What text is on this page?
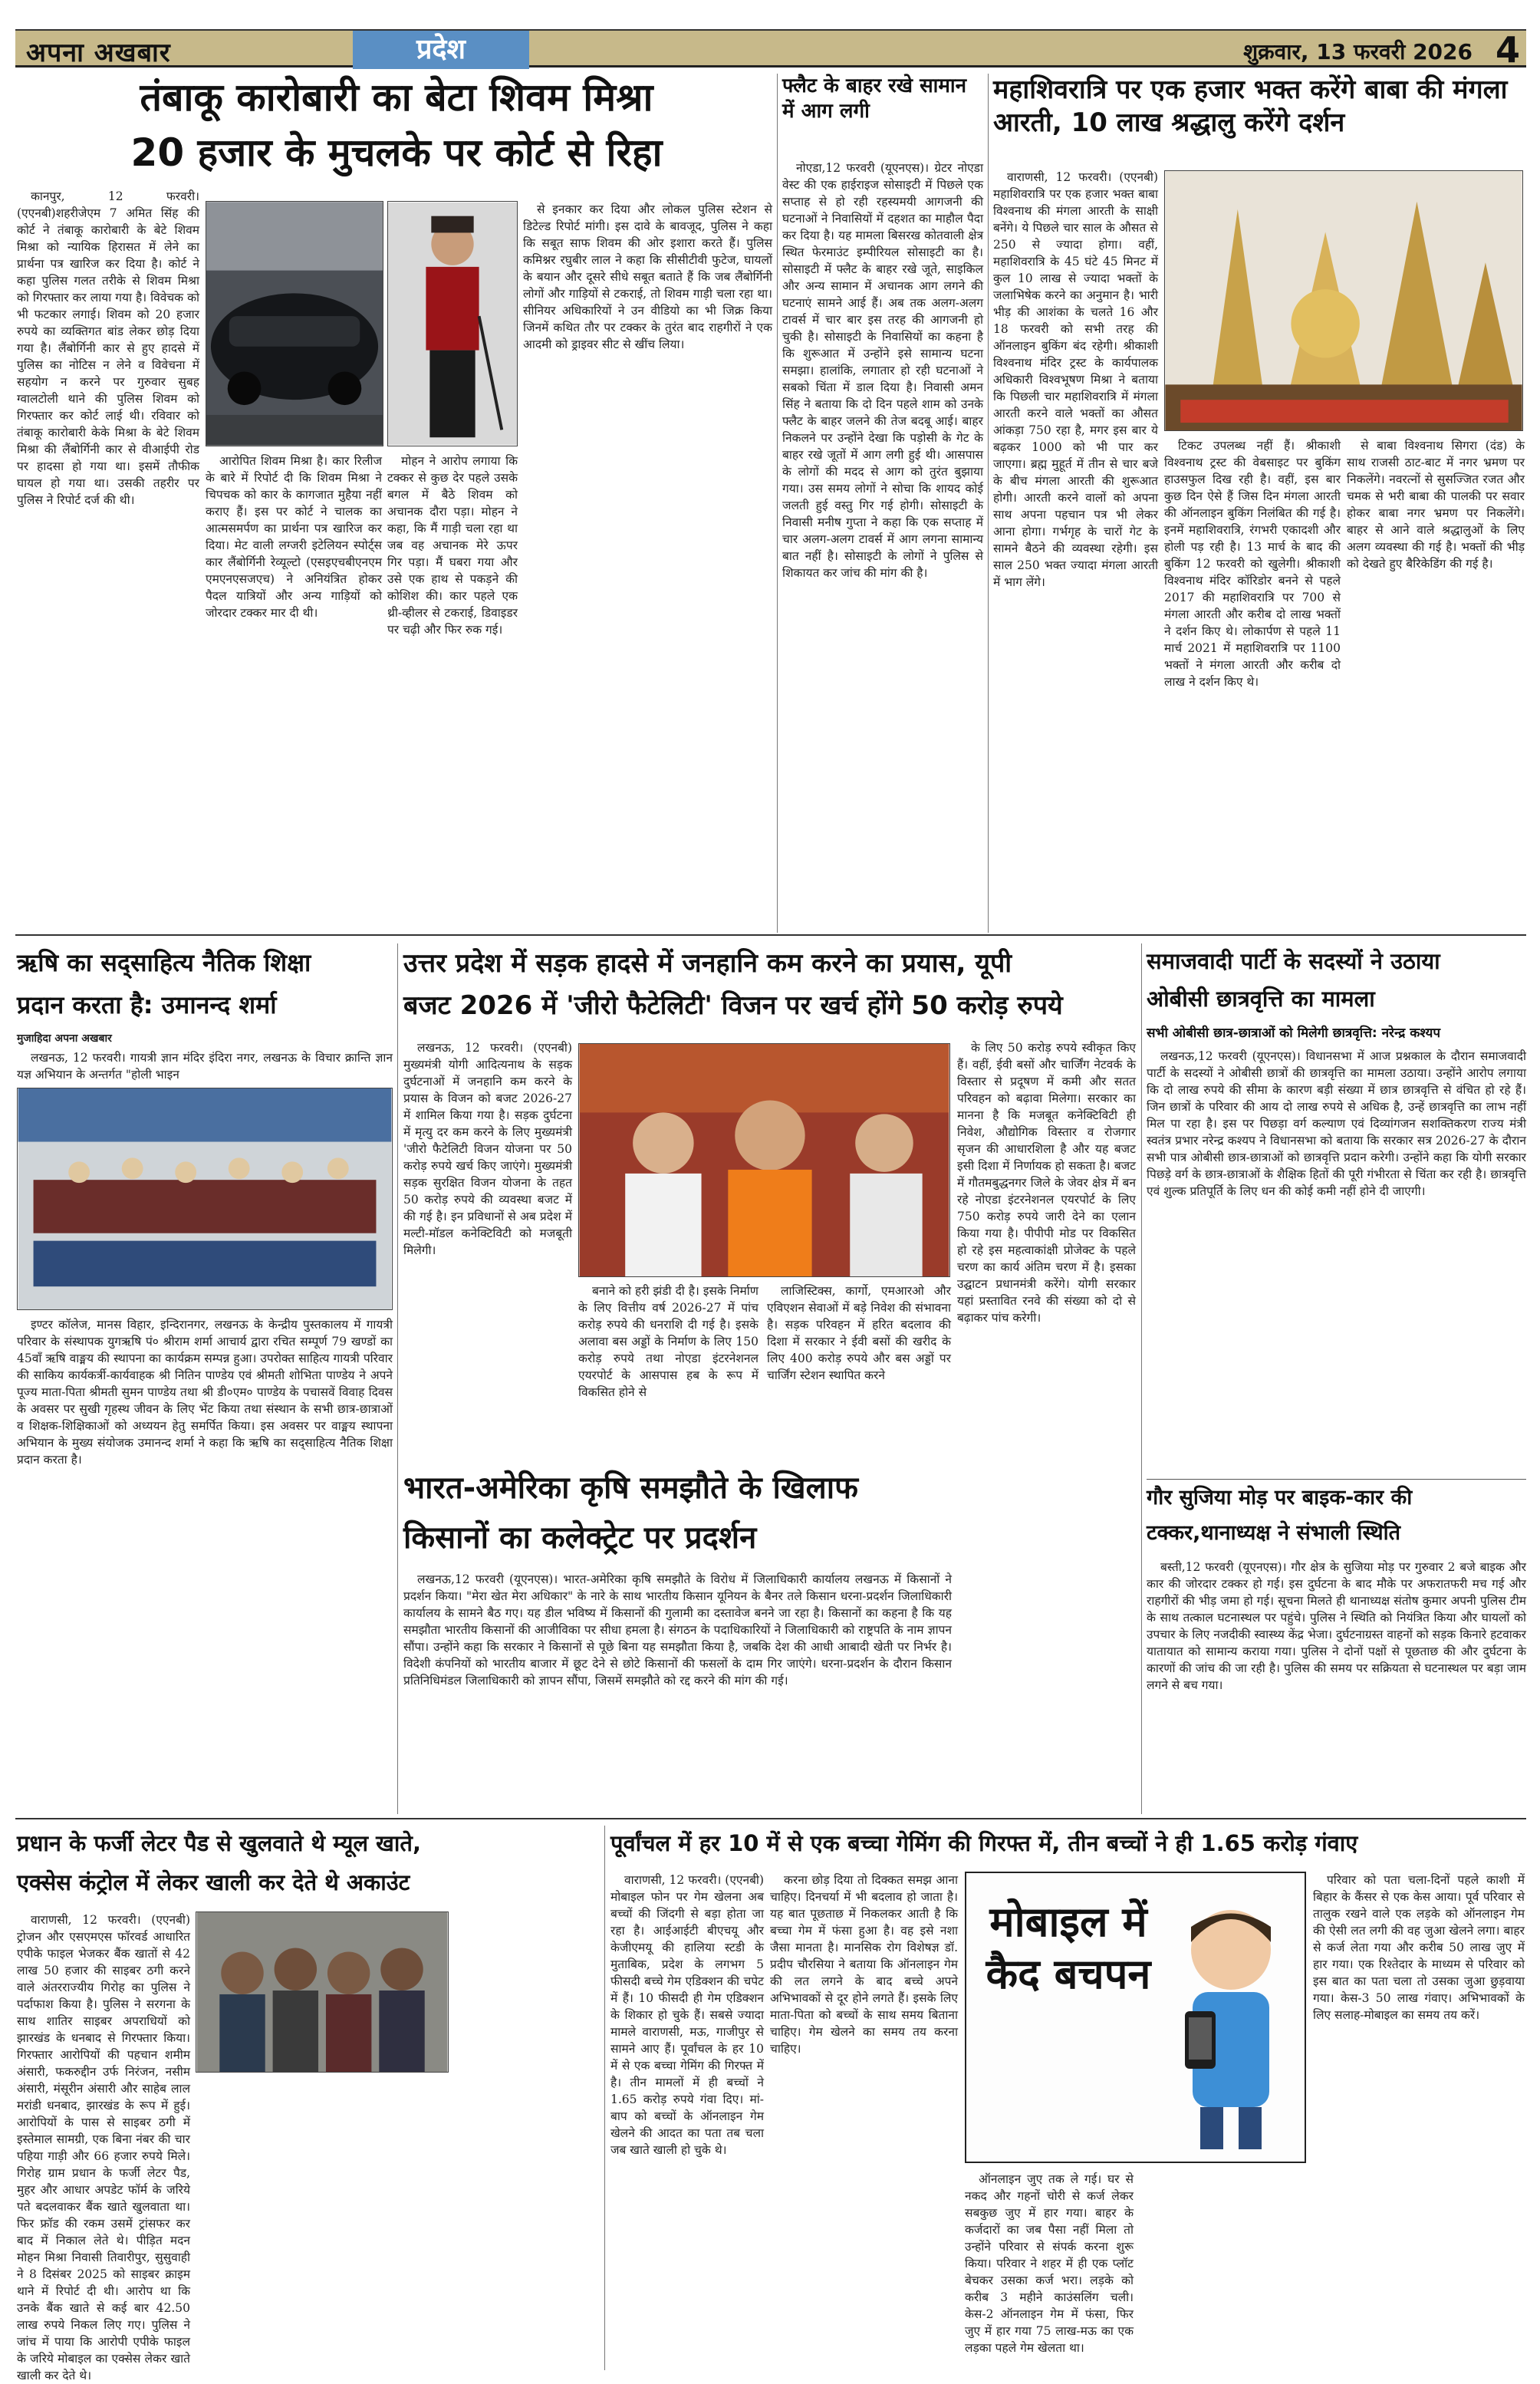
अपना अखबार	प्रदेश	शुक्रवार, 13 फरवरी 2026 4
तंबाकू कारोबारी का बेटा शिवम मिश्रा
20 हजार के मुचलके पर कोर्ट से रिहा

कानपुर, 12 फरवरी। (एएनबी)शहरीजेएम 7 अमित सिंह की कोर्ट ने तंबाकू कारोबारी के बेटे शिवम मिश्रा को न्यायिक हिरासत में लेने का प्रार्थना पत्र खारिज कर दिया है। कोर्ट ने कहा पुलिस गलत तरीके से शिवम मिश्रा को गिरफ्तार कर लाया गया है। विवेचक को भी फटकार लगाई। शिवम को 20 हजार रुपये का व्यक्तिगत बांड लेकर छोड़ दिया गया है। लैंबोर्गिनी कार से हुए हादसे में पुलिस का नोटिस न लेने व विवेचना में सहयोग न करने पर गुरुवार सुबह ग्वालटोली थाने की पुलिस शिवम को गिरफ्तार कर कोर्ट लाई थी। रविवार को तंबाकू कारोबारी केके मिश्रा के बेटे शिवम मिश्रा की लैंबोर्गिनी कार से वीआईपी रोड पर हादसा हो गया था। इसमें तौफीक घायल हो गया था। उसकी तहरीर पर पुलिस ने रिपोर्ट दर्ज की थी।

आरोपित शिवम मिश्रा है। कार रिलीज के बारे में रिपोर्ट दी कि शिवम मिश्रा ने चिपचक को कार के कागजात मुहैया नहीं कराए हैं। इस पर कोर्ट ने चालक का आत्मसमर्पण का प्रार्थना पत्र खारिज कर दिया। मेट वाली लग्जरी इटेलियन स्पोर्ट्स कार लैंबोर्गिनी रेव्यूल्टो (एसइएचबीएनएम एमएनएसजएच) ने अनियंत्रित होकर पैदल यात्रियों और अन्य गाड़ियों को जोरदार टक्कर मार दी थी।

मोहन ने आरोप लगाया कि टक्कर से कुछ देर पहले उसके बगल में बैठे शिवम को अचानक दौरा पड़ा। मोहन ने कहा, कि मैं गाड़ी चला रहा था जब वह अचानक मेरे ऊपर गिर पड़ा। मैं घबरा गया और उसे एक हाथ से पकड़ने की कोशिश की। कार पहले एक थ्री-व्हीलर से टकराई, डिवाइडर पर चढ़ी और फिर रुक गई।

से इनकार कर दिया और लोकल पुलिस स्टेशन से डिटेल्ड रिपोर्ट मांगी। इस दावे के बावजूद, पुलिस ने कहा कि सबूत साफ शिवम की ओर इशारा करते हैं। पुलिस कमिश्नर रघुबीर लाल ने कहा कि सीसीटीवी फुटेज, घायलों के बयान और दूसरे सीधे सबूत बताते हैं कि जब लैंबोर्गिनी लोगों और गाड़ियों से टकराई, तो शिवम गाड़ी चला रहा था। सीनियर अधिकारियों ने उन वीडियो का भी जिक्र किया जिनमें कथित तौर पर टक्कर के तुरंत बाद राहगीरों ने एक आदमी को ड्राइवर सीट से खींच लिया।

फ्लैट के बाहर रखे सामान में आग लगी

नोएडा,12 फरवरी (यूएनएस)। ग्रेटर नोएडा वेस्ट की एक हाईराइज सोसाइटी में पिछले एक सप्ताह से हो रही रहस्यमयी आगजनी की घटनाओं ने निवासियों में दहशत का माहौल पैदा कर दिया है। यह मामला बिसरख कोतवाली क्षेत्र स्थित फेरमाउंट इम्पीरियल सोसाइटी का है। सोसाइटी में फ्लैट के बाहर रखे जूते, साइकिल और अन्य सामान में अचानक आग लगने की घटनाएं सामने आई हैं। अब तक अलग-अलग टावर्स में चार बार इस तरह की आगजनी हो चुकी है। सोसाइटी के निवासियों का कहना है कि शुरूआत में उन्होंने इसे सामान्य घटना समझा। हालांकि, लगातार हो रही घटनाओं ने सबको चिंता में डाल दिया है। निवासी अमन सिंह ने बताया कि दो दिन पहले शाम को उनके फ्लैट के बाहर जलने की तेज बदबू आई। बाहर निकलने पर उन्होंने देखा कि पड़ोसी के गेट के बाहर रखे जूतों में आग लगी हुई थी। आसपास के लोगों की मदद से आग को तुरंत बुझाया गया। उस समय लोगों ने सोचा कि शायद कोई जलती हुई वस्तु गिर गई होगी। सोसाइटी के निवासी मनीष गुप्ता ने कहा कि एक सप्ताह में चार अलग-अलग टावर्स में आग लगना सामान्य बात नहीं है। सोसाइटी के लोगों ने पुलिस से शिकायत कर जांच की मांग की है।

महाशिवरात्रि पर एक हजार भक्त करेंगे बाबा की मंगला आरती, 10 लाख श्रद्धालु करेंगे दर्शन

वाराणसी, 12 फरवरी। (एएनबी) महाशिवरात्रि पर एक हजार भक्त बाबा विश्वनाथ की मंगला आरती के साक्षी बनेंगे। ये पिछले चार साल के औसत से 250 से ज्यादा होगा। वहीं, महाशिवरात्रि के 45 घंटे 45 मिनट में कुल 10 लाख से ज्यादा भक्तों के जलाभिषेक करने का अनुमान है। भारी भीड़ की आशंका के चलते 16 और 18 फरवरी को सभी तरह की ऑनलाइन बुकिंग बंद रहेगी। श्रीकाशी विश्वनाथ मंदिर ट्रस्ट के कार्यपालक अधिकारी विश्वभूषण मिश्रा ने बताया कि पिछली चार महाशिवरात्रि में मंगला आरती करने वाले भक्तों का औसत आंकड़ा 750 रहा है, मगर इस बार ये बढ़कर 1000 को भी पार कर जाएगा। ब्रह्म मुहूर्त में तीन से चार बजे के बीच मंगला आरती की शुरूआत होगी। आरती करने वालों को अपना साथ अपना पहचान पत्र भी लेकर आना होगा। गर्भगृह के चारों गेट के सामने बैठने की व्यवस्था रहेगी। इस साल 250 भक्त ज्यादा मंगला आरती में भाग लेंगे।

टिकट उपलब्ध नहीं हैं। श्रीकाशी विश्वनाथ ट्रस्ट की वेबसाइट पर बुकिंग हाउसफुल दिख रही है। वहीं, इस बार कुछ दिन ऐसे हैं जिस दिन मंगला आरती की ऑनलाइन बुकिंग निलंबित की गई है। इनमें महाशिवरात्रि, रंगभरी एकादशी और होली पड़ रही है। 13 मार्च के बाद की बुकिंग 12 फरवरी को खुलेगी। श्रीकाशी विश्वनाथ मंदिर कॉरिडोर बनने से पहले 2017 की महाशिवरात्रि पर 700 से मंगला आरती और करीब दो लाख भक्तों ने दर्शन किए थे। लोकार्पण से पहले 11 मार्च 2021 में महाशिवरात्रि पर 1100 भक्तों ने मंगला आरती और करीब दो लाख ने दर्शन किए थे।

से बाबा विश्वनाथ सिगरा (दंड) के साथ राजसी ठाट-बाट में नगर भ्रमण पर निकलेंगे। नवरत्नों से सुसज्जित रजत और चमक से भरी बाबा की पालकी पर सवार होकर बाबा नगर भ्रमण पर निकलेंगे। बाहर से आने वाले श्रद्धालुओं के लिए अलग व्यवस्था की गई है। भक्तों की भीड़ को देखते हुए बैरिकेडिंग की गई है।

ऋषि का सद्साहित्य नैतिक शिक्षा
प्रदान करता है: उमानन्द शर्मा
मुजाहिदा अपना अखबार

लखनऊ, 12 फरवरी। गायत्री ज्ञान मंदिर इंदिरा नगर, लखनऊ के विचार क्रान्ति ज्ञान यज्ञ अभियान के अन्तर्गत "होली भाइन

इण्टर कॉलेज, मानस विहार, इन्दिरानगर, लखनऊ के केन्द्रीय पुस्तकालय में गायत्री परिवार के संस्थापक युगऋषि पं० श्रीराम शर्मा आचार्य द्वारा रचित सम्पूर्ण 79 खण्डों का 45वाँ ऋषि वाङ्मय की स्थापना का कार्यक्रम सम्पन्न हुआ। उपरोक्त साहित्य गायत्री परिवार की साकिय कार्यकर्त्री-कार्यवाहक श्री नितिन पाण्डेय एवं श्रीमती शोभिता पाण्डेय ने अपने पूज्य माता-पिता श्रीमती सुमन पाण्डेय तथा श्री डी०एम० पाण्डेय के पचासवें विवाह दिवस के अवसर पर सुखी गृहस्थ जीवन के लिए भेंट किया तथा संस्थान के सभी छात्र-छात्राओं व शिक्षक-शिक्षिकाओं को अध्ययन हेतु समर्पित किया। इस अवसर पर वाङ्मय स्थापना अभियान के मुख्य संयोजक उमानन्द शर्मा ने कहा कि ऋषि का सद्साहित्य नैतिक शिक्षा प्रदान करता है।

उत्तर प्रदेश में सड़क हादसे में जनहानि कम करने का प्रयास, यूपी
बजट 2026 में 'जीरो फैटेलिटी' विजन पर खर्च होंगे 50 करोड़ रुपये

लखनऊ, 12 फरवरी। (एएनबी) मुख्यमंत्री योगी आदित्यनाथ के सड़क दुर्घटनाओं में जनहानि कम करने के प्रयास के विजन को बजट 2026-27 में शामिल किया गया है। सड़क दुर्घटना में मृत्यु दर कम करने के लिए मुख्यमंत्री 'जीरो फैटेलिटी विजन योजना पर 50 करोड़ रुपये खर्च किए जाएंगे। मुख्यमंत्री सड़क सुरक्षित विजन योजना के तहत 50 करोड़ रुपये की व्यवस्था बजट में की गई है। इन प्रविधानों से अब प्रदेश में मल्टी-मॉडल कनेक्टिविटी को मजबूती मिलेगी।

बनाने को हरी झंडी दी है। इसके निर्माण के लिए वित्तीय वर्ष 2026-27 में पांच करोड़ रुपये की धनराशि दी गई है। इसके अलावा बस अड्डों के निर्माण के लिए 150 करोड़ रुपये तथा नोएडा इंटरनेशनल एयरपोर्ट के आसपास हब के रूप में विकसित होने से

लाजिस्टिक्स, कार्गो, एमआरओ और एविएशन सेवाओं में बड़े निवेश की संभावना है। सड़क परिवहन में हरित बदलाव की दिशा में सरकार ने ईवी बसों की खरीद के लिए 400 करोड़ रुपये और बस अड्डों पर चार्जिंग स्टेशन स्थापित करने

के लिए 50 करोड़ रुपये स्वीकृत किए हैं। वहीं, ईवी बसों और चार्जिंग नेटवर्क के विस्तार से प्रदूषण में कमी और सतत परिवहन को बढ़ावा मिलेगा। सरकार का मानना है कि मजबूत कनेक्टिविटी ही निवेश, औद्योगिक विस्तार व रोजगार सृजन की आधारशिला है और यह बजट इसी दिशा में निर्णायक हो सकता है। बजट में गौतमबुद्धनगर जिले के जेवर क्षेत्र में बन रहे नोएडा इंटरनेशनल एयरपोर्ट के लिए 750 करोड़ रुपये जारी देने का एलान किया गया है। पीपीपी मोड पर विकसित हो रहे इस महत्वाकांक्षी प्रोजेक्ट के पहले चरण का कार्य अंतिम चरण में है। इसका उद्घाटन प्रधानमंत्री करेंगे। योगी सरकार यहां प्रस्तावित रनवे की संख्या को दो से बढ़ाकर पांच करेगी।

भारत-अमेरिका कृषि समझौते के खिलाफ
किसानों का कलेक्ट्रेट पर प्रदर्शन

लखनऊ,12 फरवरी (यूएनएस)। भारत-अमेरिका कृषि समझौते के विरोध में जिलाधिकारी कार्यालय लखनऊ में किसानों ने प्रदर्शन किया। "मेरा खेत मेरा अधिकार" के नारे के साथ भारतीय किसान यूनियन के बैनर तले किसान धरना-प्रदर्शन जिलाधिकारी कार्यालय के सामने बैठ गए। यह डील भविष्य में किसानों की गुलामी का दस्तावेज बनने जा रहा है। किसानों का कहना है कि यह समझौता भारतीय किसानों की आजीविका पर सीधा हमला है। संगठन के पदाधिकारियों ने जिलाधिकारी को राष्ट्रपति के नाम ज्ञापन सौंपा। उन्होंने कहा कि सरकार ने किसानों से पूछे बिना यह समझौता किया है, जबकि देश की आधी आबादी खेती पर निर्भर है। विदेशी कंपनियों को भारतीय बाजार में छूट देने से छोटे किसानों की फसलों के दाम गिर जाएंगे। धरना-प्रदर्शन के दौरान किसान प्रतिनिधिमंडल जिलाधिकारी को ज्ञापन सौंपा, जिसमें समझौते को रद्द करने की मांग की गई।

समाजवादी पार्टी के सदस्यों ने उठाया
ओबीसी छात्रवृत्ति का मामला
सभी ओबीसी छात्र-छात्राओं को मिलेगी छात्रवृत्ति: नरेन्द्र कश्यप

लखनऊ,12 फरवरी (यूएनएस)। विधानसभा में आज प्रश्नकाल के दौरान समाजवादी पार्टी के सदस्यों ने ओबीसी छात्रों की छात्रवृत्ति का मामला उठाया। उन्होंने आरोप लगाया कि दो लाख रुपये की सीमा के कारण बड़ी संख्या में छात्र छात्रवृत्ति से वंचित हो रहे हैं। जिन छात्रों के परिवार की आय दो लाख रुपये से अधिक है, उन्हें छात्रवृत्ति का लाभ नहीं मिल पा रहा है। इस पर पिछड़ा वर्ग कल्याण एवं दिव्यांगजन सशक्तिकरण राज्य मंत्री स्वतंत्र प्रभार नरेन्द्र कश्यप ने विधानसभा को बताया कि सरकार सत्र 2026-27 के दौरान सभी पात्र ओबीसी छात्र-छात्राओं को छात्रवृत्ति प्रदान करेगी। उन्होंने कहा कि योगी सरकार पिछड़े वर्ग के छात्र-छात्राओं के शैक्षिक हितों की पूरी गंभीरता से चिंता कर रही है। छात्रवृत्ति एवं शुल्क प्रतिपूर्ति के लिए धन की कोई कमी नहीं होने दी जाएगी।

गौर सुजिया मोड़ पर बाइक-कार की
टक्कर,थानाध्यक्ष ने संभाली स्थिति

बस्ती,12 फरवरी (यूएनएस)। गौर क्षेत्र के सुजिया मोड़ पर गुरुवार 2 बजे बाइक और कार की जोरदार टक्कर हो गई। इस दुर्घटना के बाद मौके पर अफरातफरी मच गई और राहगीरों की भीड़ जमा हो गई। सूचना मिलते ही थानाध्यक्ष संतोष कुमार अपनी पुलिस टीम के साथ तत्काल घटनास्थल पर पहुंचे। पुलिस ने स्थिति को नियंत्रित किया और घायलों को उपचार के लिए नजदीकी स्वास्थ्य केंद्र भेजा। दुर्घटनाग्रस्त वाहनों को सड़क किनारे हटवाकर यातायात को सामान्य कराया गया। पुलिस ने दोनों पक्षों से पूछताछ की और दुर्घटना के कारणों की जांच की जा रही है। पुलिस की समय पर सक्रियता से घटनास्थल पर बड़ा जाम लगने से बच गया।

प्रधान के फर्जी लेटर पैड से खुलवाते थे म्यूल खाते,
एक्सेस कंट्रोल में लेकर खाली कर देते थे अकाउंट

वाराणसी, 12 फरवरी। (एएनबी) ट्रोजन और एसएमएस फॉरवर्ड आधारित एपीके फाइल भेजकर बैंक खातों से 42 लाख 50 हजार की साइबर ठगी करने वाले अंतरराज्यीय गिरोह का पुलिस ने पर्दाफाश किया है। पुलिस ने सरगना के साथ शातिर साइबर अपराधियों को झारखंड के धनबाद से गिरफ्तार किया। गिरफ्तार आरोपियों की पहचान शमीम अंसारी, फकरुद्दीन उर्फ निरंजन, नसीम अंसारी, मंसूरीन अंसारी और साहेब लाल मरांडी धनबाद, झारखंड के रूप में हुई। आरोपियों के पास से साइबर ठगी में इस्तेमाल सामग्री, एक बिना नंबर की चार पहिया गाड़ी और 66 हजार रुपये मिले। गिरोह ग्राम प्रधान के फर्जी लेटर पैड, मुहर और आधार अपडेट फॉर्म के जरिये पते बदलवाकर बैंक खाते खुलवाता था। फिर फ्रॉड की रकम उसमें ट्रांसफर कर बाद में निकाल लेते थे। पीड़ित मदन मोहन मिश्रा निवासी तिवारीपुर, सुसुवाही ने 8 दिसंबर 2025 को साइबर क्राइम थाने में रिपोर्ट दी थी। आरोप था कि उनके बैंक खाते से कई बार 42.50 लाख रुपये निकल लिए गए। पुलिस ने जांच में पाया कि आरोपी एपीके फाइल के जरिये मोबाइल का एक्सेस लेकर खाते खाली कर देते थे।

पूर्वांचल में हर 10 में से एक बच्चा गेमिंग की गिरफ्त में, तीन बच्चों ने ही 1.65 करोड़ गंवाए

वाराणसी, 12 फरवरी। (एएनबी) मोबाइल फोन पर गेम खेलना अब बच्चों की जिंदगी से बड़ा होता जा रहा है। आईआईटी बीएचयू और केजीएमयू की हालिया स्टडी के मुताबिक, प्रदेश के लगभग 5 फीसदी बच्चे गेम एडिक्शन की चपेट में हैं। 10 फीसदी ही गेम एडिक्शन के शिकार हो चुके हैं। सबसे ज्यादा मामले वाराणसी, मऊ, गाजीपुर से सामने आए हैं। पूर्वांचल के हर 10 में से एक बच्चा गेमिंग की गिरफ्त में है। तीन मामलों में ही बच्चों ने 1.65 करोड़ रुपये गंवा दिए। मां-बाप को बच्चों के ऑनलाइन गेम खेलने की आदत का पता तब चला जब खाते खाली हो चुके थे।

करना छोड़ दिया तो दिक्कत समझ आना चाहिए। दिनचर्या में भी बदलाव हो जाता है। यह बात पूछताछ में निकलकर आती है कि बच्चा गेम में फंसा हुआ है। वह इसे नशा जैसा मानता है। मानसिक रोग विशेषज्ञ डॉ. प्रदीप चौरसिया ने बताया कि ऑनलाइन गेम की लत लगने के बाद बच्चे अपने अभिभावकों से दूर होने लगते हैं। इसके लिए माता-पिता को बच्चों के साथ समय बिताना चाहिए। गेम खेलने का समय तय करना चाहिए।

मोबाइल में कैद बचपन

ऑनलाइन जुए तक ले गई। घर से नकद और गहनों चोरी से कर्ज लेकर सबकुछ जुए में हार गया। बाहर के कर्जदारों का जब पैसा नहीं मिला तो उन्होंने परिवार से संपर्क करना शुरू किया। परिवार ने शहर में ही एक प्लॉट बेचकर उसका कर्ज भरा। लड़के को करीब 3 महीने काउंसलिंग चली। केस-2 ऑनलाइन गेम में फंसा, फिर जुए में हार गया 75 लाख-मऊ का एक लड़का पहले गेम खेलता था।

परिवार को पता चला-दिनों पहले काशी में बिहार के कैंसर से एक केस आया। पूर्व परिवार से तालुक रखने वाले एक लड़के को ऑनलाइन गेम की ऐसी लत लगी की वह जुआ खेलने लगा। बाहर से कर्ज लेता गया और करीब 50 लाख जुए में हार गया। एक रिश्तेदार के माध्यम से परिवार को इस बात का पता चला तो उसका जुआ छुड़वाया गया। केस-3 50 लाख गंवाए। अभिभावकों के लिए सलाह-मोबाइल का समय तय करें।
